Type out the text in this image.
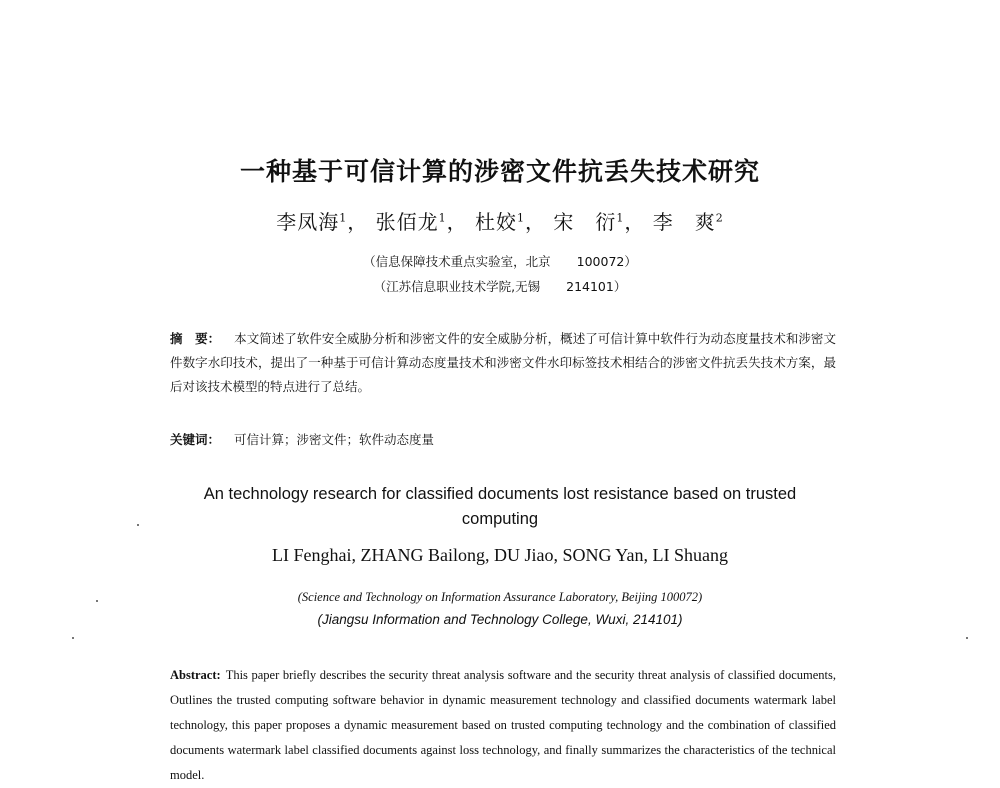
一种基于可信计算的涉密文件抗丢失技术研究
李凤海$^1$， 张佰龙$^1$， 杜姣$^1$， 宋　衍$^1$， 李　爽$^2$
（信息保障技术重点实验室，北京 100072）
（江苏信息职业技术学院,无锡 214101）
摘　要： 本文简述了软件安全威胁分析和涉密文件的安全威胁分析，概述了可信计算中软件行为动态度量技术和涉密文件数字水印技术，提出了一种基于可信计算动态度量技术和涉密文件水印标签技术相结合的涉密文件抗丢失技术方案，最后对该技术模型的特点进行了总结。
关键词： 可信计算；涉密文件；软件动态度量
An technology research for classified documents lost resistance based on trusted computing
LI Fenghai, ZHANG Bailong, DU Jiao, SONG Yan, LI Shuang
(Science and Technology on Information Assurance Laboratory, Beijing 100072)
(Jiangsu Information and Technology College, Wuxi, 214101)
Abstract: This paper briefly describes the security threat analysis software and the security threat analysis of classified documents, Outlines the trusted computing software behavior in dynamic measurement technology and classified documents watermark label technology, this paper proposes a dynamic measurement based on trusted computing technology and the combination of classified documents watermark label classified documents against loss technology, and finally summarizes the characteristics of the technical model.
